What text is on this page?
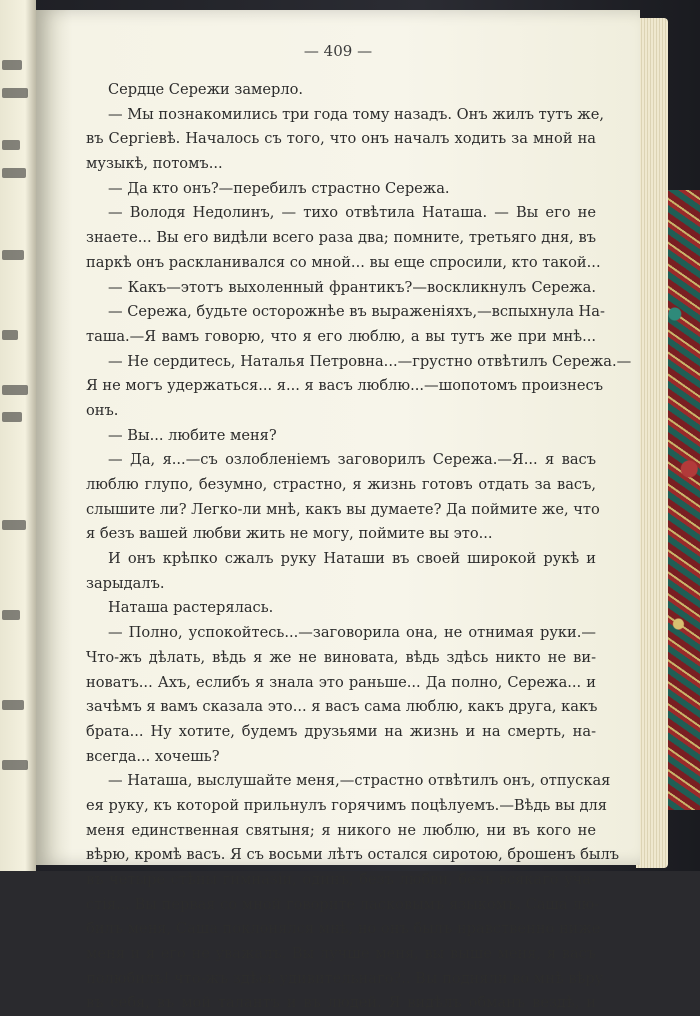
— 409 —
Сердце Сережи замерло.
— Мы познакомились три года тому назадъ. Онъ жилъ тутъ же,
въ Сергiевѣ. Началось съ того, что онъ началъ ходить за мной на
музыкѣ, потомъ...
— Да кто онъ?—перебилъ страстно Сережа.
— Володя Недолинъ, — тихо отвѣтила Наташа. — Вы его не
знаете... Вы его видѣли всего раза два; помните, третьяго дня, въ
паркѣ онъ раскланивался со мной... вы еще спросили, кто такой...
— Какъ—этотъ выхоленный франтикъ?—воскликнулъ Сережа.
— Сережа, будьте осторожнѣе въ выраженiяхъ,—вспыхнула На-
таша.—Я вамъ говорю, что я его люблю, а вы тутъ же при мнѣ...
— Не сердитесь, Наталья Петровна...—грустно отвѣтилъ Сережа.—
Я не могъ удержаться... я... я васъ люблю...—шопотомъ произнесъ
онъ.
— Вы... любите меня?
— Да, я...—съ озлобленiемъ заговорилъ Сережа.—Я... я васъ
люблю глупо, безумно, страстно, я жизнь готовъ отдать за васъ,
слышите ли? Легко-ли мнѣ, какъ вы думаете? Да поймите же, что
я безъ вашей любви жить не могу, поймите вы это...
И онъ крѣпко сжалъ руку Наташи въ своей широкой рукѣ и
зарыдалъ.
Наташа растерялась.
— Полно, успокойтесь...—заговорила она, не отнимая руки.—
Что-жъ дѣлать, вѣдь я же не виновата, вѣдь здѣсь никто не ви-
новатъ... Ахъ, еслибъ я знала это раньше... Да полно, Сережа... и
зачѣмъ я вамъ сказала это... я васъ сама люблю, какъ друга, какъ
брата... Ну хотите, будемъ друзьями на жизнь и на смерть, на-
всегда... хочешь?
— Наташа, выслушайте меня,—страстно отвѣтилъ онъ, отпуская
ея руку, къ которой прильнулъ горячимъ поцѣлуемъ.—Вѣдь вы для
меня единственная святыня; я никого не люблю, ни въ кого не
вѣрю, кромѣ васъ. Я съ восьми лѣтъ остался сиротою, брошенъ былъ
въ четыре стѣны гимназiи, одинъ, безъ любви, безъ всякаго уча-
стiя... Вы первая со мной говорите ласковымъ языкомъ. Саша лю-
билъ меня, Саша поклонялся мнѣ, но онъ былъ нравственно ниже
меня и я его не уважалъ. Вы лучше меня, вы выше меня, я васъ
полюбилъ! что-жъ здѣсь удивительнаго?.. Вы подняли во мнѣ вѣру
въ себя, въ мой талантъ и въ людей. Я видѣлъ обманъ вездѣ, и
